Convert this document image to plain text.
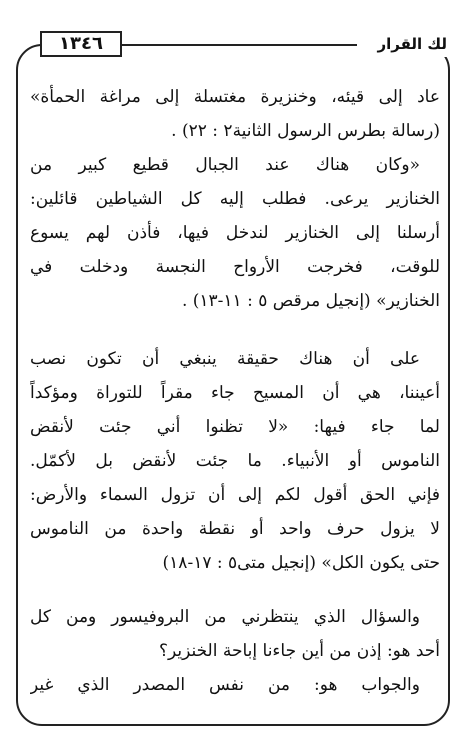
١٣٤٦	لك القرار
عاد إلى قيئه، وخنزيرة مغتسلة إلى مراغة الحمأة»
(رسالة بطرس الرسول الثانية٢ : ٢٢) .
«وكان هناك عند الجبال قطيع كبير من
الخنازير يرعى. فطلب إليه كل الشياطين قائلين:
أرسلنا إلى الخنازير لندخل فيها، فأذن لهم يسوع
للوقت، فخرجت الأرواح النجسة ودخلت في
الخنازير» (إنجيل مرقص ٥ : ١١-١٣) .
على أن هناك حقيقة ينبغي أن تكون نصب
أعيننا، هي أن المسيح جاء مقراً للتوراة ومؤكداً
لما جاء فيها: «لا تظنوا أني جئت لأنقض
الناموس أو الأنبياء. ما جئت لأنقض بل لأكمّل.
فإني الحق أقول لكم إلى أن تزول السماء والأرض:
لا يزول حرف واحد أو نقطة واحدة من الناموس
حتى يكون الكل» (إنجيل متى٥ : ١٧-١٨)
والسؤال الذي ينتظرني من البروفيسور ومن كل
أحد هو: إذن من أين جاءنا إباحة الخنزير؟
والجواب هو: من نفس المصدر الذي غير
